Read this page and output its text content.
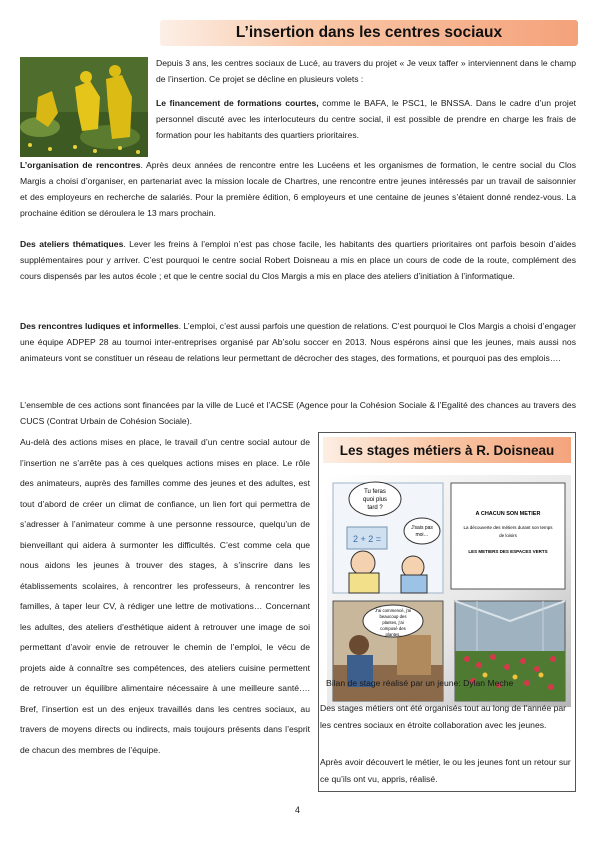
L’insertion dans les centres sociaux

Depuis 3 ans, les centres sociaux de Lucé, au travers du projet « Je veux taffer » interviennent dans le champ de l’insertion. Ce projet se décline en plusieurs volets :

Le financement de formations courtes, comme le BAFA, le PSC1, le BNSSA. Dans le cadre d’un projet personnel discuté avec les interlocuteurs du centre social, il est possible de prendre en charge les frais de formation pour les habitants des quartiers prioritaires.

L’organisation de rencontres. Après deux années de rencontre entre les Lucéens et les organismes de formation, le centre social du Clos Margis a choisi d’organiser, en partenariat avec la mission locale de Chartres, une rencontre entre jeunes intéressés par un travail de saisonnier et des employeurs en recherche de salariés. Pour la première édition, 6 employeurs et une centaine de jeunes s’étaient donné rendez-vous. La prochaine édition se déroulera le 13 mars prochain.

Des ateliers thématiques. Lever les freins à l’emploi n’est pas chose facile, les habitants des quartiers prioritaires ont parfois besoin d’aides supplémentaires pour y arriver. C’est pourquoi le centre social Robert Doisneau a mis en place un cours de code de la route, complément des cours dispensés par les autos école ; et que le centre social du Clos Margis a mis en place des ateliers d’initiation à l’informatique.

Des rencontres ludiques et informelles. L’emploi, c’est aussi parfois une question de relations. C’est pourquoi le Clos Margis a choisi d’engager une équipe ADPEP 28 au tournoi inter-entreprises organisé par Ab’solu soccer en 2013. Nous espérons ainsi que les jeunes, mais aussi nos animateurs vont se constituer un réseau de relations leur permettant de décrocher des stages, des formations, et pourquoi pas des emplois….

L’ensemble de ces actions sont financées par la ville de Lucé et l’ACSE (Agence pour la Cohésion Sociale & l’Egalité des chances au travers des CUCS (Contrat Urbain de Cohésion Sociale).

Au-delà des actions mises en place, le travail d’un centre social autour de l’insertion ne s’arrête pas à ces quelques actions mises en place. Le rôle des animateurs, auprès des familles comme des jeunes et des adultes, est tout d’abord de créer un climat de confiance, un lien fort qui permettra de s’adresser à l’animateur comme à une personne ressource, quelqu’un de bienveillant qui aidera à surmonter les difficultés. C’est comme cela que nous aidons les jeunes à trouver des stages, à s’inscrire dans les établissements scolaires, à rencontrer les professeurs, à rencontrer les familles, à taper leur CV, à rédiger une lettre de motivations… Concernant les adultes, des ateliers d’esthétique aident à retrouver une image de soi permettant d’avoir envie de retrouver le chemin de l’emploi, le vécu de projets aide à connaître ses compétences, des ateliers cuisine permettent de retrouver un équilibre alimentaire nécessaire à une meilleure santé…. Bref, l’insertion est un des enjeux travaillés dans les centres sociaux, au travers de moyens directs ou indirects, mais toujours présents dans l’esprit de chacun des membres de l’équipe.

Les stages métiers à R. Doisneau
Tu feras
quoi plus
tard ?
J'sais pas
moi…
2 + 2 =
A CHACUN SON METIER
La découverte des métiers durant son temps
de loisirs
LES METIERS DES ESPACES VERTS
J'ai commencé, j'ai
beaucoup des
plantes, j'ai
composé des
plantes.
Bilan de stage réalisé par un jeune: Dylan Meche

Des stages métiers ont été organisés tout au long de l’année par les centres sociaux en étroite collaboration avec les jeunes.

Après avoir découvert le métier, le ou les jeunes font un retour sur ce qu’ils ont vu, appris, réalisé.

4
